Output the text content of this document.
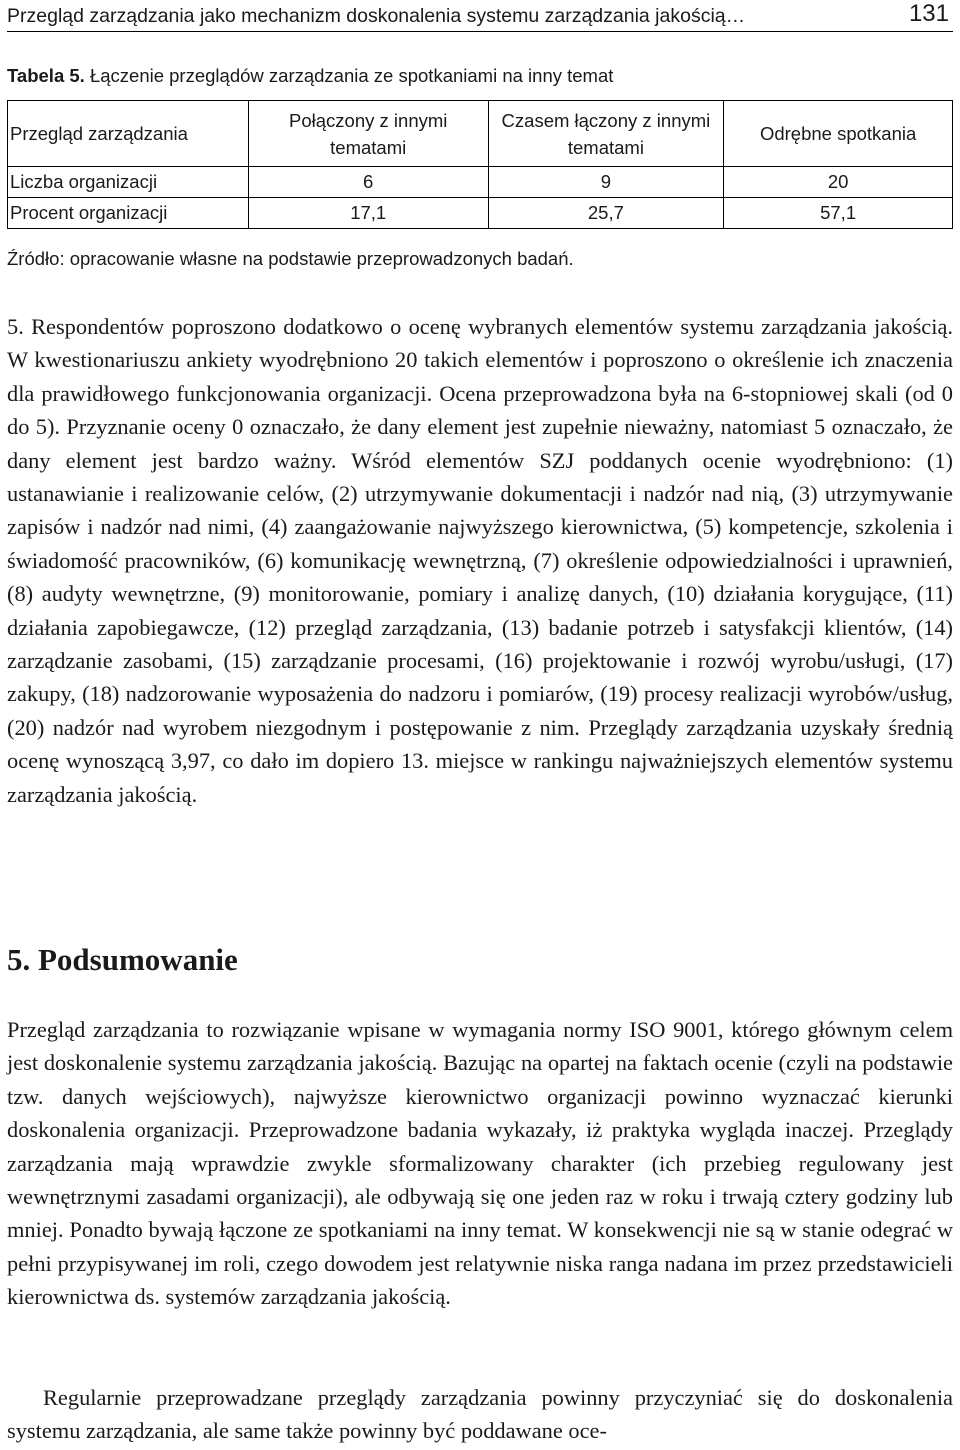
Przegląd zarządzania jako mechanizm doskonalenia systemu zarządzania jakością…	131
Tabela 5. Łączenie przeglądów zarządzania ze spotkaniami na inny temat
Przegląd zarządzania	Połączony z innymi tematami	Czasem łączony z innymi tematami	Odrębne spotkania
Liczba organizacji	6	9	20
Procent organizacji	17,1	25,7	57,1
Źródło: opracowanie własne na podstawie przeprowadzonych badań.

5. Respondentów poproszono dodatkowo o ocenę wybranych elementów systemu zarządzania jakością. W kwestionariuszu ankiety wyodrębniono 20 takich elementów i poproszono o określenie ich znaczenia dla prawidłowego funkcjonowania organizacji. Ocena przeprowadzona była na 6-stopniowej skali (od 0 do 5). Przyznanie oceny 0 oznaczało, że dany element jest zupełnie nieważny, natomiast 5 oznaczało, że dany element jest bardzo ważny. Wśród elementów SZJ poddanych ocenie wyodrębniono: (1) ustanawianie i realizowanie celów, (2) utrzymywanie dokumentacji i nadzór nad nią, (3) utrzymywanie zapisów i nadzór nad nimi, (4) zaangażowanie najwyższego kierownictwa, (5) kompetencje, szkolenia i świadomość pracowników, (6) komunikację wewnętrzną, (7) określenie odpowiedzialności i uprawnień, (8) audyty wewnętrzne, (9) monitorowanie, pomiary i analizę danych, (10) działania korygujące, (11) działania zapobiegawcze, (12) przegląd zarządzania, (13) badanie potrzeb i satysfakcji klientów, (14) zarządzanie zasobami, (15) zarządzanie procesami, (16) projektowanie i rozwój wyrobu/usługi, (17) zakupy, (18) nadzorowanie wyposażenia do nadzoru i pomiarów, (19) procesy realizacji wyrobów/usług, (20) nadzór nad wyrobem niezgodnym i postępowanie z nim. Przeglądy zarządzania uzyskały średnią ocenę wynoszącą 3,97, co dało im dopiero 13. miejsce w rankingu najważniejszych elementów systemu zarządzania jakością.

5. Podsumowanie

Przegląd zarządzania to rozwiązanie wpisane w wymagania normy ISO 9001, którego głównym celem jest doskonalenie systemu zarządzania jakością. Bazując na opartej na faktach ocenie (czyli na podstawie tzw. danych wejściowych), najwyższe kierownictwo organizacji powinno wyznaczać kierunki doskonalenia organizacji. Przeprowadzone badania wykazały, iż praktyka wygląda inaczej. Przeglądy zarządzania mają wprawdzie zwykle sformalizowany charakter (ich przebieg regulowany jest wewnętrznymi zasadami organizacji), ale odbywają się one jeden raz w roku i trwają cztery godziny lub mniej. Ponadto bywają łączone ze spotkaniami na inny temat. W konsekwencji nie są w stanie odegrać w pełni przypisywanej im roli, czego dowodem jest relatywnie niska ranga nadana im przez przedstawicieli kierownictwa ds. systemów zarządzania jakością.

Regularnie przeprowadzane przeglądy zarządzania powinny przyczyniać się do doskonalenia systemu zarządzania, ale same także powinny być poddawane oce-
